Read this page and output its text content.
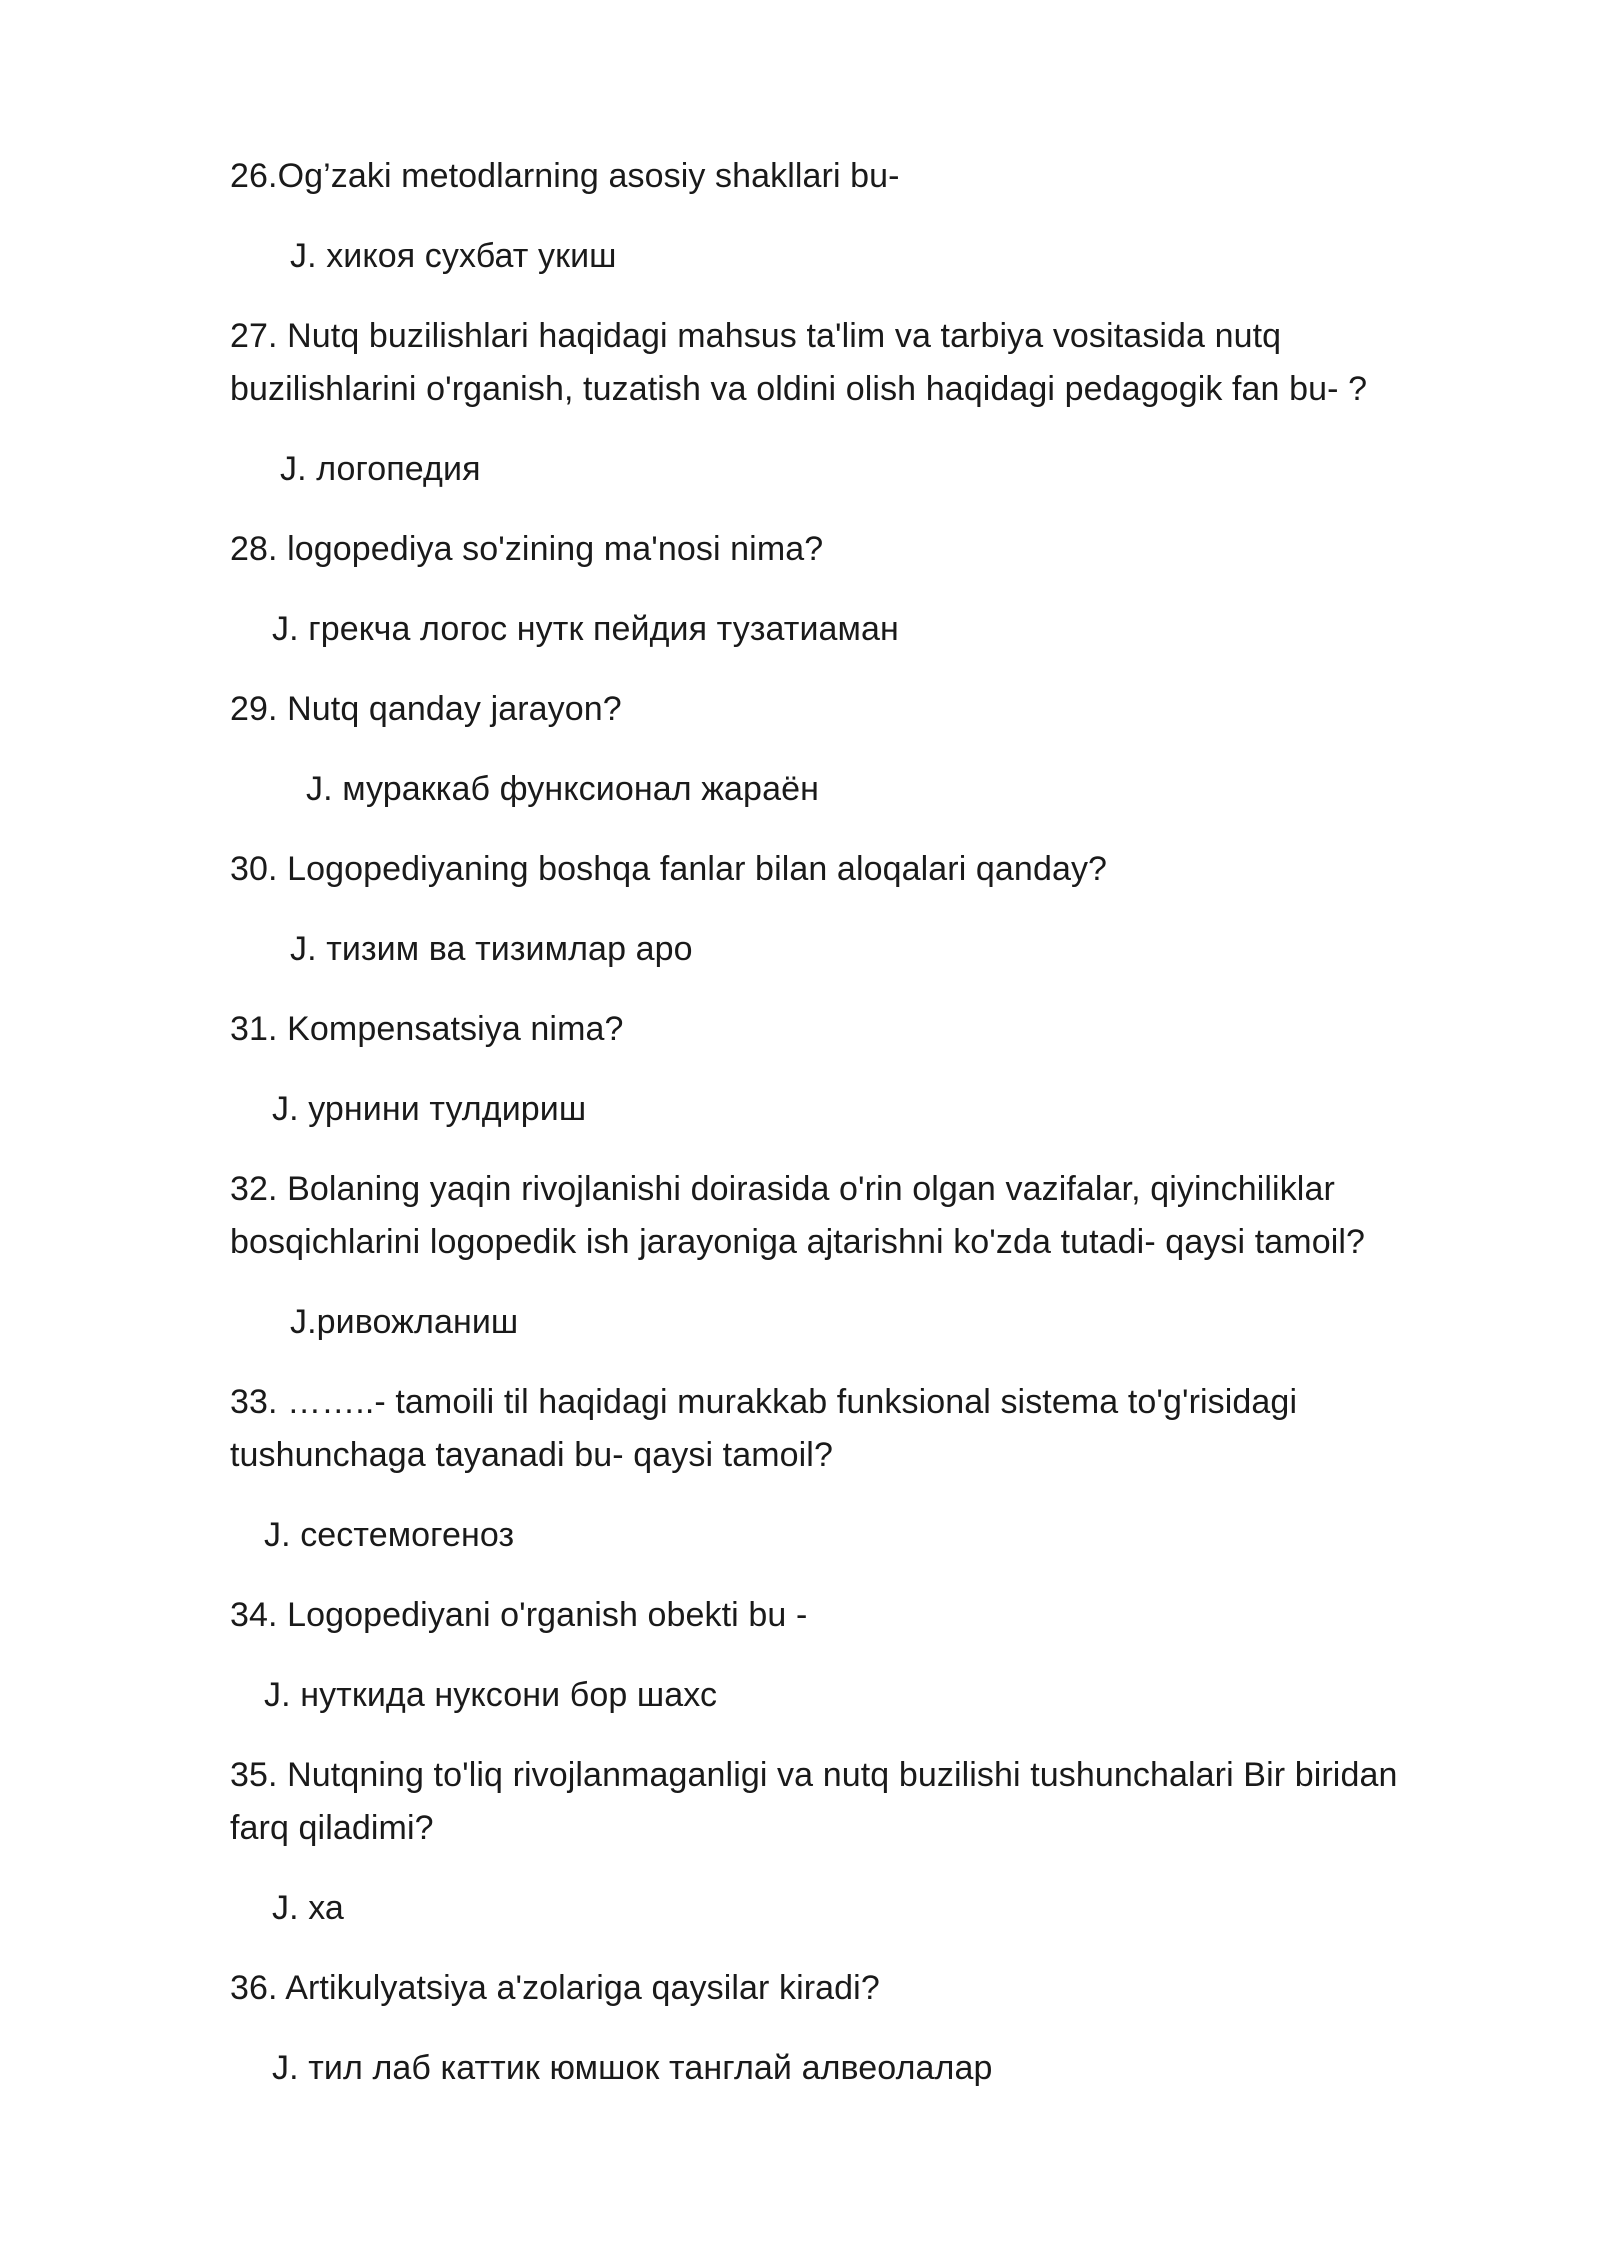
26.Og’zaki metodlarning asosiy shakllari bu-

J. хикоя сухбат укиш

27. Nutq buzilishlari haqidagi mahsus ta'lim va tarbiya vositasida nutq buzilishlarini o'rganish, tuzatish va oldini olish haqidagi pedagogik fan bu- ?

J. логопедия

28. logopediya so'zining ma'nosi nima?

J. грекча логос нутк пейдия тузатиаман

29. Nutq qanday jarayon?

J. мураккаб функсионал жараён

30. Logopediyaning boshqa fanlar bilan aloqalari qanday?

J. тизим ва тизимлар аро

31. Kompensatsiya nima?

J. урнини тулдириш

32. Bolaning yaqin rivojlanishi doirasida o'rin olgan vazifalar, qiyinchiliklar bosqichlarini logopedik ish jarayoniga ajtarishni ko'zda tutadi- qaysi tamoil?

J.ривожланиш

33. ……..- tamoili til haqidagi murakkab funksional sistema to'g'risidagi tushunchaga tayanadi bu- qaysi tamoil?

J. сестемогеноз

34. Logopediyani o'rganish obekti bu -

J. нуткида нуксони бор шахс

35. Nutqning to'liq rivojlanmaganligi va nutq buzilishi tushunchalari Bir biridan farq qiladimi?

J. ха

36. Artikulyatsiya a'zolariga qaysilar kiradi?

J. тил лаб каттик юмшок танглай алвеолалар
